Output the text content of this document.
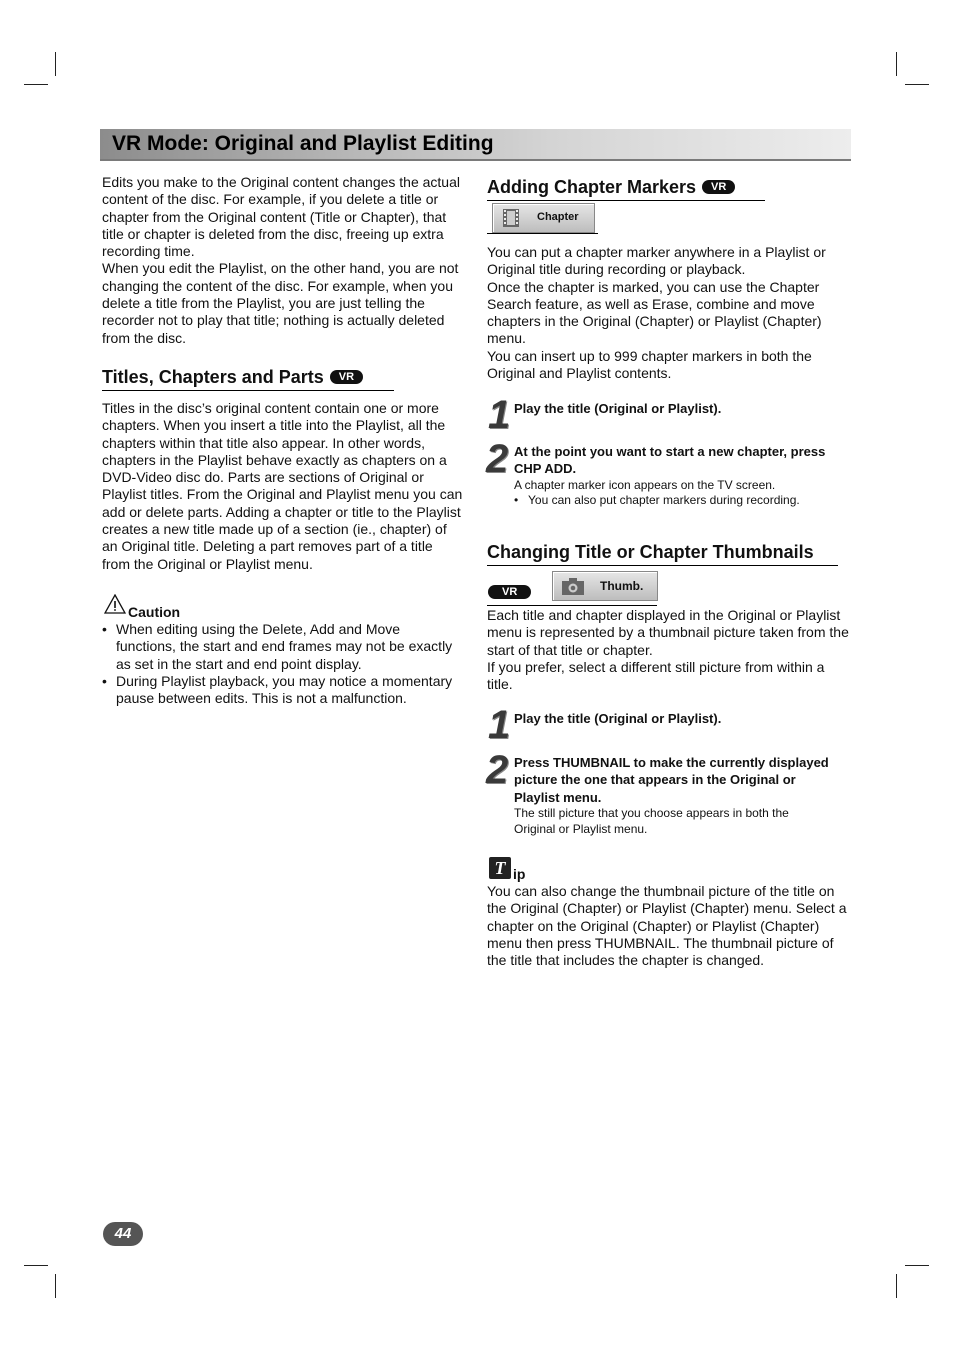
VR Mode: Original and Playlist Editing

Edits you make to the Original content changes the actual content of the disc. For example, if you delete a title or chapter from the Original content (Title or Chapter), that title or chapter is deleted from the disc, freeing up extra recording time.

When you edit the Playlist, on the other hand, you are not changing the content of the disc. For example, when you delete a title from the Playlist, you are just telling the recorder not to play that title; nothing is actually deleted from the disc.

Titles, Chapters and Parts VR

Titles in the disc’s original content contain one or more chapters. When you insert a title into the Playlist, all the chapters within that title also appear. In other words, chapters in the Playlist behave exactly as chapters on a DVD-Video disc do. Parts are sections of Original or Playlist titles. From the Original and Playlist menu you can add or delete parts. Adding a chapter or title to the Playlist creates a new title made up of a section (ie., chapter) of an Original title. Deleting a part removes part of a title from the Original or Playlist menu.

Caution
• When editing using the Delete, Add and Move functions, the start and end frames may not be exactly as set in the start and end point display.
• During Playlist playback, you may notice a momentary pause between edits. This is not a malfunction.
Adding Chapter Markers VR
Chapter

You can put a chapter marker anywhere in a Playlist or Original title during recording or playback.

Once the chapter is marked, you can use the Chapter Search feature, as well as Erase, combine and move chapters in the Original (Chapter) or Playlist (Chapter) menu.

You can insert up to 999 chapter markers in both the Original and Playlist contents.

1 Play the title (Original or Playlist).
2 At the point you want to start a new chapter, press CHP ADD.
A chapter marker icon appears on the TV screen.
• You can also put chapter markers during recording.
Changing Title or Chapter Thumbnails
VR	Thumb.

Each title and chapter displayed in the Original or Playlist menu is represented by a thumbnail picture taken from the start of that title or chapter.

If you prefer, select a different still picture from within a title.

1 Play the title (Original or Playlist).
2 Press THUMBNAIL to make the currently displayed picture the one that appears in the Original or Playlist menu.
The still picture that you choose appears in both the Original or Playlist menu.
T ip

You can also change the thumbnail picture of the title on the Original (Chapter) or Playlist (Chapter) menu. Select a chapter on the Original (Chapter) or Playlist (Chapter) menu then press THUMBNAIL. The thumbnail picture of the title that includes the chapter is changed.

44
